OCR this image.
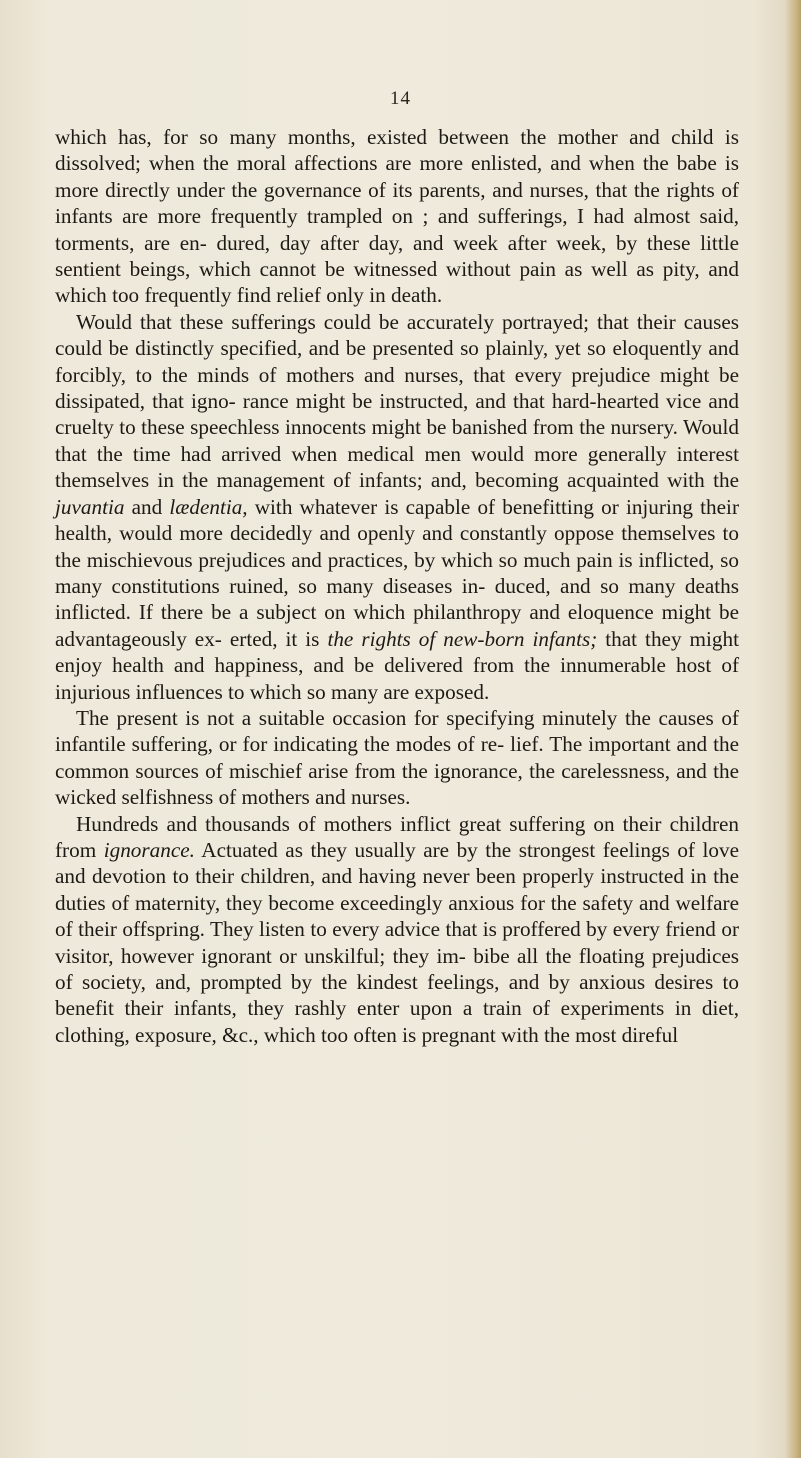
14

which has, for so many months, existed between the mother and child is dissolved; when the moral affections are more enlisted, and when the babe is more directly under the governance of its parents, and nurses, that the rights of infants are more frequently trampled on ; and sufferings, I had almost said, torments, are en- dured, day after day, and week after week, by these little sentient beings, which cannot be witnessed without pain as well as pity, and which too frequently find relief only in death.

Would that these sufferings could be accurately portrayed; that their causes could be distinctly specified, and be presented so plainly, yet so eloquently and forcibly, to the minds of mothers and nurses, that every prejudice might be dissipated, that igno- rance might be instructed, and that hard-hearted vice and cruelty to these speechless innocents might be banished from the nursery. Would that the time had arrived when medical men would more generally interest themselves in the management of infants; and, becoming acquainted with the juvantia and lædentia, with whatever is capable of benefitting or injuring their health, would more decidedly and openly and constantly oppose themselves to the mischievous prejudices and practices, by which so much pain is inflicted, so many constitutions ruined, so many diseases in- duced, and so many deaths inflicted. If there be a subject on which philanthropy and eloquence might be advantageously ex- erted, it is the rights of new-born infants; that they might enjoy health and happiness, and be delivered from the innumerable host of injurious influences to which so many are exposed.

The present is not a suitable occasion for specifying minutely the causes of infantile suffering, or for indicating the modes of re- lief. The important and the common sources of mischief arise from the ignorance, the carelessness, and the wicked selfishness of mothers and nurses.

Hundreds and thousands of mothers inflict great suffering on their children from ignorance. Actuated as they usually are by the strongest feelings of love and devotion to their children, and having never been properly instructed in the duties of maternity, they become exceedingly anxious for the safety and welfare of their offspring. They listen to every advice that is proffered by every friend or visitor, however ignorant or unskilful; they im- bibe all the floating prejudices of society, and, prompted by the kindest feelings, and by anxious desires to benefit their infants, they rashly enter upon a train of experiments in diet, clothing, exposure, &c., which too often is pregnant with the most direful
